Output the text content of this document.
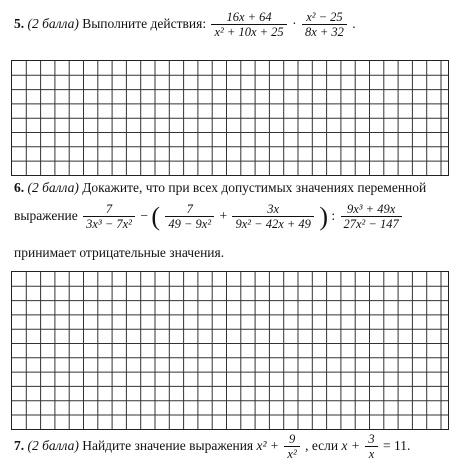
5. (2 балла) Выполните действия: $\frac{16x + 64}{\text{x² + 10x + 25}} \cdot \frac{\text{x² − 25}}{8x + 32}$ .
6. (2 балла) Докажите, что при всех допустимых значениях переменной
выражение $\frac{7}{\text{3x³ − 7x²}}$ − ( $\frac{7}{\text{49 − 9x²}} + \frac{3x}{\text{9x² − 42x + 49}}$ ) : $\frac{\text{9x³ + 49x}}{\text{27x² − 147}}$
принимает отрицательные значения.
7. (2 балла) Найдите значение выражения $x^2 + \frac{9}{\text{x²}}$ , если $x + \frac{3}{x} = 11$.
